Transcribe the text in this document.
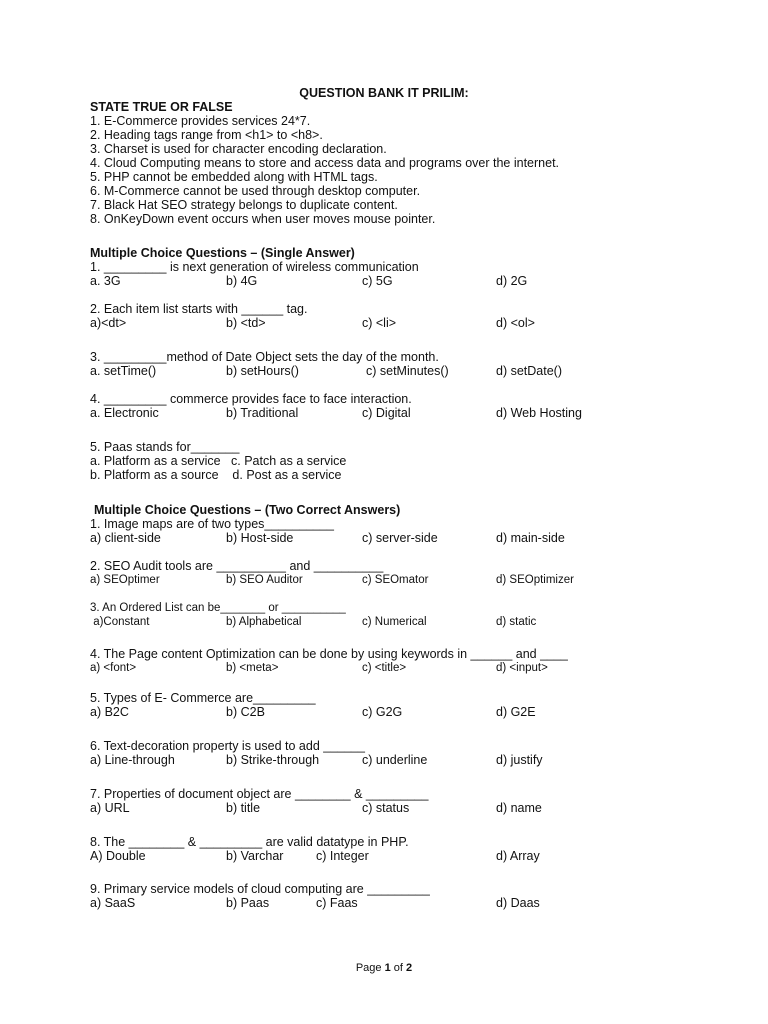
QUESTION BANK IT PRILIM:
STATE TRUE OR FALSE
1. E-Commerce provides services 24*7.
2. Heading tags range from <h1> to <h8>.
3. Charset is used for character encoding declaration.
4. Cloud Computing means to store and access data and programs over the internet.
5. PHP cannot be embedded along with HTML tags.
6. M-Commerce cannot be used through desktop computer.
7. Black Hat SEO strategy belongs to duplicate content.
8. OnKeyDown event occurs when user moves mouse pointer.
Multiple Choice Questions – (Single Answer)
1. _________ is next generation of wireless communication

a. 3G

	b) 4G

	c) 5G

	d) 2G

2. Each item list starts with ______ tag.

a)<dt>

	b) <td>

	c) <li>

	d) <ol>

3. _________method of Date Object sets the day of the month.

a. setTime()

	b) setHours()

	c) setMinutes()

	d) setDate()

4. _________ commerce provides face to face interaction.

a. Electronic

	b) Traditional

	c) Digital

	d) Web Hosting

5. Paas stands for_______
a. Platform as a service   c. Patch as a service
b. Platform as a source    d. Post as a service
Multiple Choice Questions – (Two Correct Answers)
1. Image maps are of two types__________

a) client-side

	b) Host-side

	c) server-side

	d) main-side

2. SEO Audit tools are __________ and __________

a) SEOptimer

	b) SEO Auditor

	c) SEOmator

	d) SEOptimizer

3. An Ordered List can be_______ or __________

a)Constant

	b) Alphabetical

	c) Numerical

	d) static

4. The Page content Optimization can be done by using keywords in ______ and ____

a) <font>

	b) <meta>

	c) <title>

	d) <input>

5. Types of E- Commerce are_________

a) B2C

	b) C2B

	c) G2G

	d) G2E

6. Text-decoration property is used to add ______

a) Line-through

	b) Strike-through

	c) underline

	d) justify

7. Properties of document object are ________ & _________

a) URL

	b) title

	c) status

	d) name

8. The ________ & _________ are valid datatype in PHP.

A) Double

	b) Varchar

	c) Integer

	d) Array

9. Primary service models of cloud computing are _________

a) SaaS

	b) Paas

	c) Faas

	d) Daas

Page 1 of 2
